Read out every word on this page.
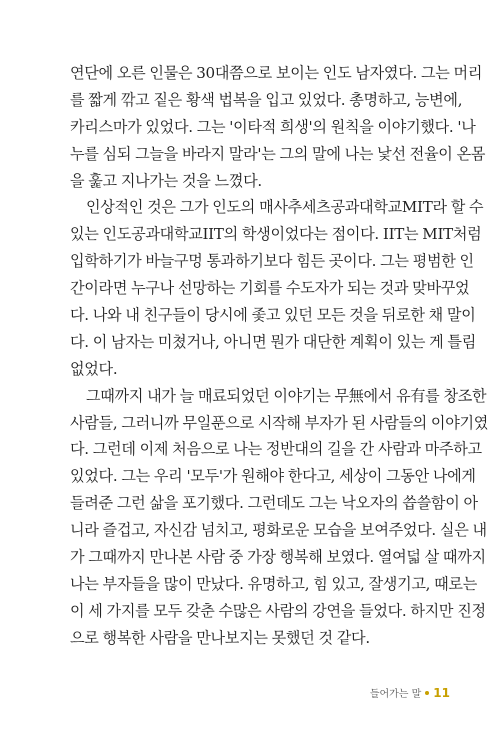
연단에 오른 인물은 30대쯤으로 보이는 인도 남자였다. 그는 머리
를 짧게 깎고 짙은 황색 법복을 입고 있었다. 총명하고, 능변에,
카리스마가 있었다. 그는 '이타적 희생'의 원칙을 이야기했다. '나
누를 심되 그늘을 바라지 말라'는 그의 말에 나는 낯선 전율이 온몸
을 훑고 지나가는 것을 느꼈다.
인상적인 것은 그가 인도의 매사추세츠공과대학교MIT라 할 수
있는 인도공과대학교IIT의 학생이었다는 점이다. IIT는 MIT처럼
입학하기가 바늘구멍 통과하기보다 힘든 곳이다. 그는 평범한 인
간이라면 누구나 선망하는 기회를 수도자가 되는 것과 맞바꾸었
다. 나와 내 친구들이 당시에 좇고 있던 모든 것을 뒤로한 채 말이
다. 이 남자는 미쳤거나, 아니면 뭔가 대단한 계획이 있는 게 틀림
없었다.
그때까지 내가 늘 매료되었던 이야기는 무無에서 유有를 창조한
사람들, 그러니까 무일푼으로 시작해 부자가 된 사람들의 이야기였
다. 그런데 이제 처음으로 나는 정반대의 길을 간 사람과 마주하고
있었다. 그는 우리 '모두'가 원해야 한다고, 세상이 그동안 나에게
들려준 그런 삶을 포기했다. 그런데도 그는 낙오자의 씁쓸함이 아
니라 즐겁고, 자신감 넘치고, 평화로운 모습을 보여주었다. 실은 내
가 그때까지 만나본 사람 중 가장 행복해 보였다. 열여덟 살 때까지
나는 부자들을 많이 만났다. 유명하고, 힘 있고, 잘생기고, 때로는
이 세 가지를 모두 갖춘 수많은 사람의 강연을 들었다. 하지만 진정
으로 행복한 사람을 만나보지는 못했던 것 같다.
들어가는 말 11
